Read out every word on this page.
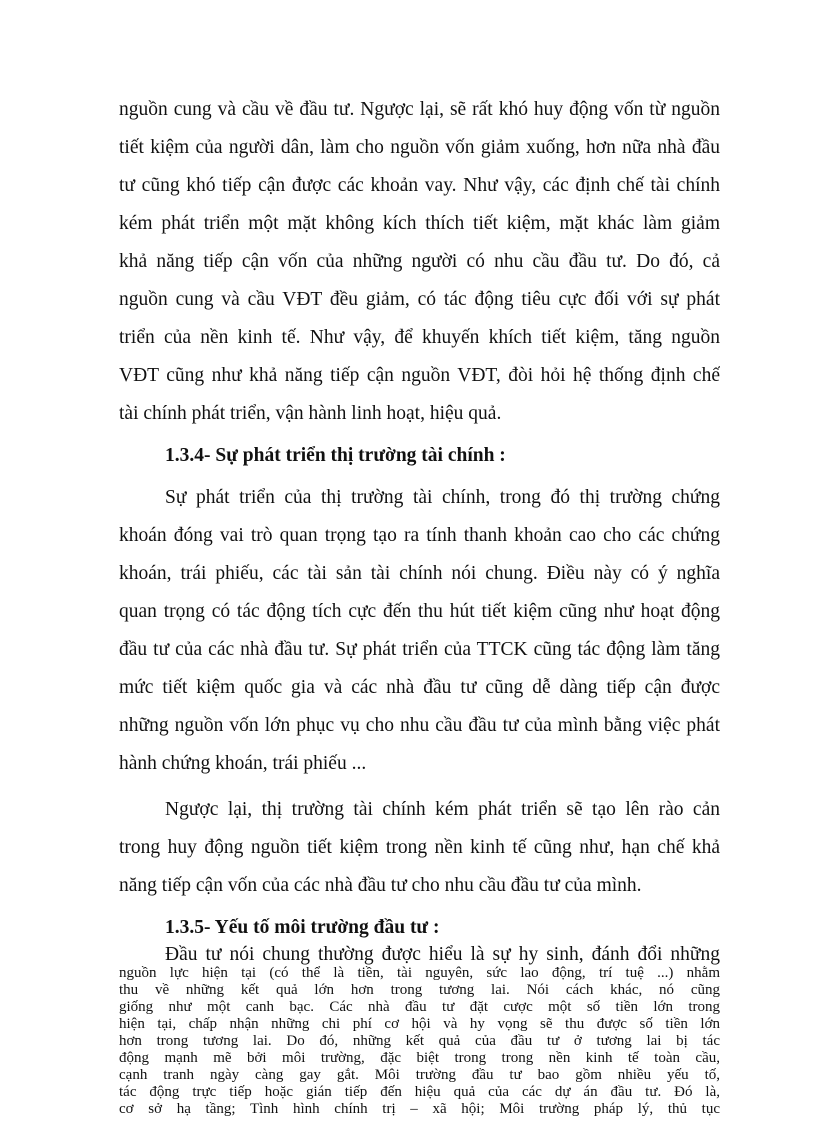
nguồn cung và cầu về đầu tư. Ngược lại, sẽ rất khó huy động vốn từ nguồn
tiết kiệm của người dân, làm cho nguồn vốn giảm xuống, hơn nữa nhà đầu
tư cũng khó tiếp cận được các khoản vay. Như vậy, các định chế tài chính
kém phát triển một mặt không kích thích tiết kiệm, mặt khác làm giảm
khả năng tiếp cận vốn của những người có nhu cầu đầu tư. Do đó, cả
nguồn cung và cầu VĐT đều giảm, có tác động tiêu cực đối với sự phát
triển của nền kinh tế. Như vậy, để khuyến khích tiết kiệm, tăng nguồn
VĐT cũng như khả năng tiếp cận nguồn VĐT, đòi hỏi hệ thống định chế
tài chính phát triển, vận hành linh hoạt, hiệu quả.
1.3.4- Sự phát triển thị trường tài chính :
Sự phát triển của thị trường tài chính, trong đó thị trường chứng
khoán đóng vai trò quan trọng tạo ra tính thanh khoản cao cho các chứng
khoán, trái phiếu, các tài sản tài chính nói chung. Điều này có ý nghĩa
quan trọng có tác động tích cực đến thu hút tiết kiệm cũng như hoạt động
đầu tư của các nhà đầu tư. Sự phát triển của TTCK cũng tác động làm tăng
mức tiết kiệm quốc gia và các nhà đầu tư cũng dễ dàng tiếp cận được
những nguồn vốn lớn phục vụ cho nhu cầu đầu tư của mình bằng việc phát
hành chứng khoán, trái phiếu ...
Ngược lại, thị trường tài chính kém phát triển sẽ tạo lên rào cản
trong huy động nguồn tiết kiệm trong nền kinh tế cũng như, hạn chế khả
năng tiếp cận vốn của các nhà đầu tư cho nhu cầu đầu tư của mình.
1.3.5- Yếu tố môi trường đầu tư :
Đầu tư nói chung thường được hiểu là sự hy sinh, đánh đổi những
nguồn lực hiện tại (có thể là tiền, tài nguyên, sức lao động, trí tuệ ...) nhằm
thu về những kết quả lớn hơn trong tương lai. Nói cách khác, nó cũng
giống như một canh bạc. Các nhà đầu tư đặt cược một số tiền lớn trong
hiện tại, chấp nhận những chi phí cơ hội và hy vọng sẽ thu được số tiền lớn
hơn trong tương lai. Do đó, những kết quả của đầu tư ở tương lai bị tác
động mạnh mẽ bởi môi trường, đặc biệt trong trong nền kinh tế toàn cầu,
cạnh tranh ngày càng gay gắt. Môi trường đầu tư bao gồm nhiều yếu tố,
tác động trực tiếp hoặc gián tiếp đến hiệu quả của các dự án đầu tư. Đó là,
cơ sở hạ tầng; Tình hình chính trị – xã hội; Môi trường pháp lý, thủ tục
